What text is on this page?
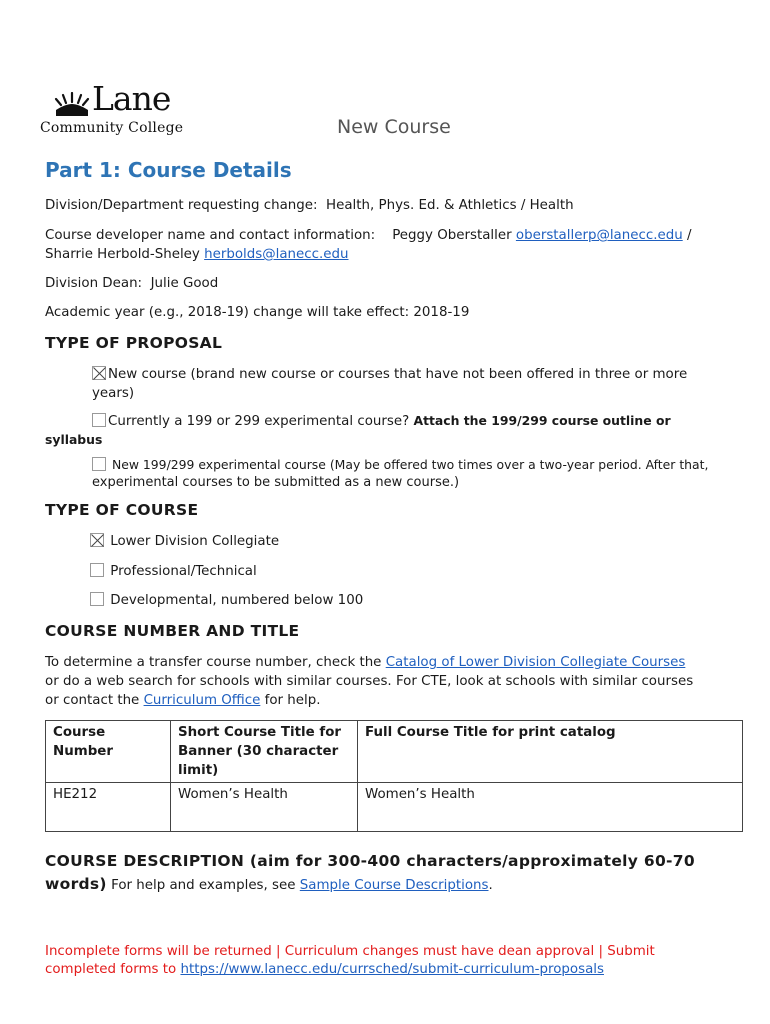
Lane
Community College	New Course
Part 1: Course Details
Division/Department requesting change: Health, Phys. Ed. & Athletics / Health
Course developer name and contact information: Peggy Oberstaller oberstallerp@lanecc.edu /
Sharrie Herbold-Sheley herbolds@lanecc.edu
Division Dean: Julie Good
Academic year (e.g., 2018-19) change will take effect: 2018-19
TYPE OF PROPOSAL
New course (brand new course or courses that have not been offered in three or more
years)
Currently a 199 or 299 experimental course? Attach the 199/299 course outline or
syllabus
New 199/299 experimental course (May be offered two times over a two-year period. After that,
experimental courses to be submitted as a new course.)
TYPE OF COURSE
Lower Division Collegiate
Professional/Technical
Developmental, numbered below 100
COURSE NUMBER AND TITLE
To determine a transfer course number, check the Catalog of Lower Division Collegiate Courses
or do a web search for schools with similar courses. For CTE, look at schools with similar courses
or contact the Curriculum Office for help.
Course Number	Short Course Title for Banner (30 character limit)	Full Course Title for print catalog
HE212	Women’s Health	Women’s Health
COURSE DESCRIPTION (aim for 300-400 characters/approximately 60-70
words) For help and examples, see Sample Course Descriptions.
Incomplete forms will be returned | Curriculum changes must have dean approval | Submit
completed forms to https://www.lanecc.edu/currsched/submit-curriculum-proposals
